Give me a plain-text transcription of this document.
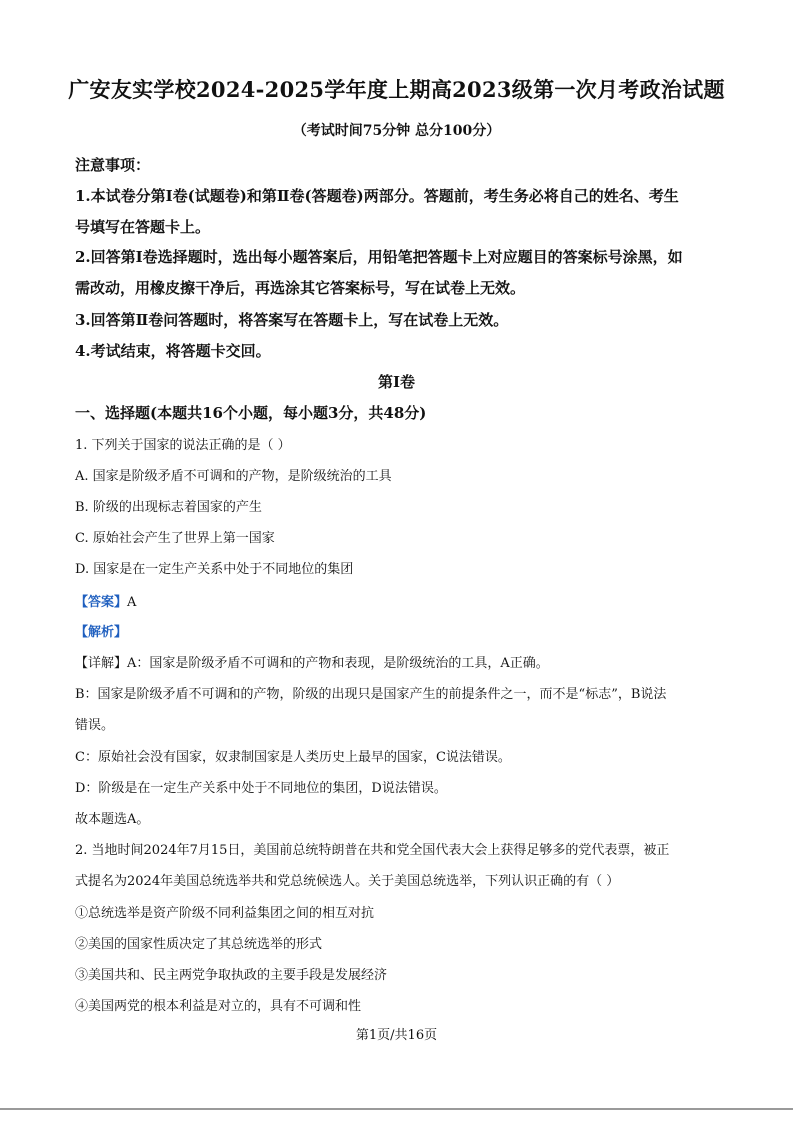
广安友实学校2024-2025学年度上期高2023级第一次月考政治试题
（考试时间75分钟 总分100分）
注意事项：
1.本试卷分第Ⅰ卷(试题卷)和第Ⅱ卷(答题卷)两部分。答题前，考生务必将自己的姓名、考生
号填写在答题卡上。
2.回答第Ⅰ卷选择题时，选出每小题答案后，用铅笔把答题卡上对应题目的答案标号涂黑，如
需改动，用橡皮擦干净后，再选涂其它答案标号，写在试卷上无效。
3.回答第Ⅱ卷问答题时，将答案写在答题卡上，写在试卷上无效。
4.考试结束，将答题卡交回。
第Ⅰ卷
一、选择题(本题共16个小题，每小题3分，共48分)
1. 下列关于国家的说法正确的是（ ）
A. 国家是阶级矛盾不可调和的产物，是阶级统治的工具
B. 阶级的出现标志着国家的产生
C. 原始社会产生了世界上第一国家
D. 国家是在一定生产关系中处于不同地位的集团
【答案】A
【解析】
【详解】A：国家是阶级矛盾不可调和的产物和表现，是阶级统治的工具，A正确。
B：国家是阶级矛盾不可调和的产物，阶级的出现只是国家产生的前提条件之一，而不是“标志”，B说法
错误。
C：原始社会没有国家，奴隶制国家是人类历史上最早的国家，C说法错误。
D：阶级是在一定生产关系中处于不同地位的集团，D说法错误。
故本题选A。
2. 当地时间2024年7月15日，美国前总统特朗普在共和党全国代表大会上获得足够多的党代表票，被正
式提名为2024年美国总统选举共和党总统候选人。关于美国总统选举，下列认识正确的有（ ）
①总统选举是资产阶级不同利益集团之间的相互对抗
②美国的国家性质决定了其总统选举的形式
③美国共和、民主两党争取执政的主要手段是发展经济
④美国两党的根本利益是对立的，具有不可调和性
第1页/共16页
